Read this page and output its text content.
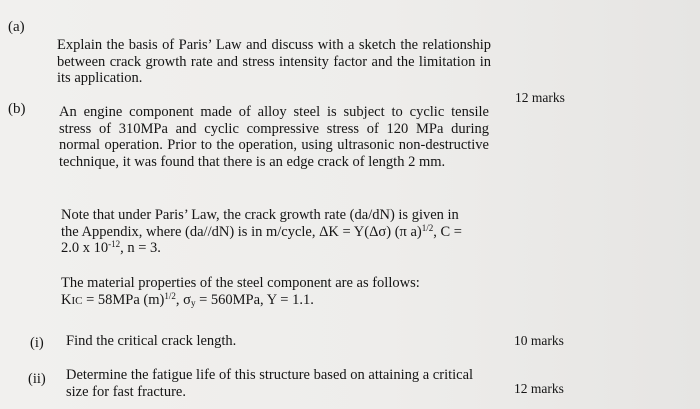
(a)
Explain the basis of Paris’ Law and discuss with a sketch the relationship between crack growth rate and stress intensity factor and the limitation in its application.
12 marks
(b) An engine component made of alloy steel is subject to cyclic tensile stress of 310MPa and cyclic compressive stress of 120 MPa during normal operation. Prior to the operation, using ultrasonic non-destructive technique, it was found that there is an edge crack of length 2 mm.
Note that under Paris’ Law, the crack growth rate (da/dN) is given in
the Appendix, where (da//dN) is in m/cycle, ΔK = Y(Δσ) (π a)$^{1/2}$, C =
2.0 x $10^{-12}$, n = 3.
The material properties of the steel component are as follows:
KIC = 58MPa $(m)^{1/2}$, $\sigma_y = 560MPa$, Y = 1.1.
(i) Find the critical crack length.	10 marks
(ii) Determine the fatigue life of this structure based on attaining a critical
size for fast fracture.	12 marks
